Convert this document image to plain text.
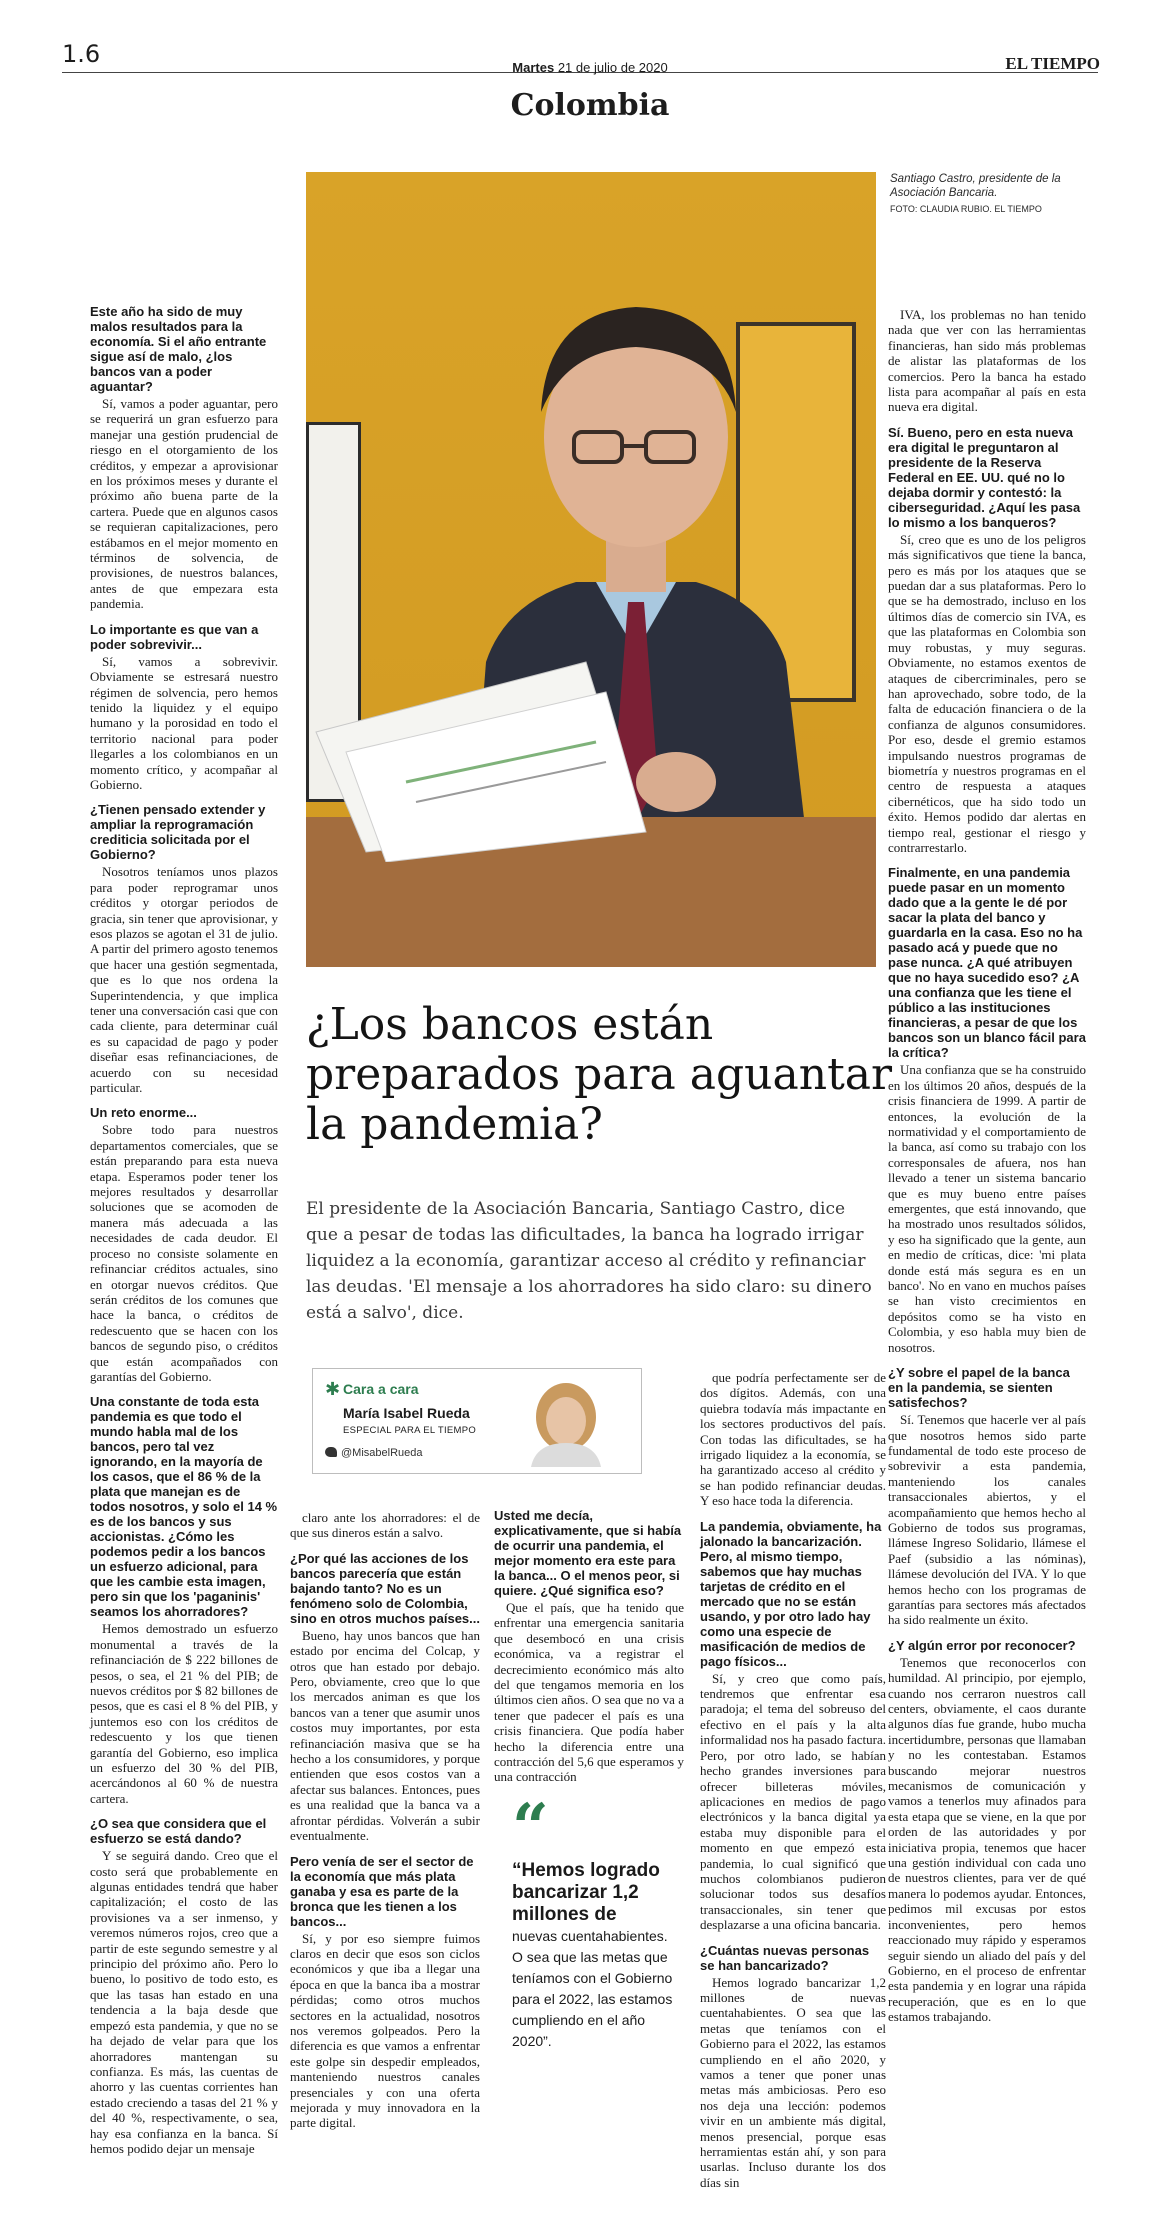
1.6	Martes 21 de julio de 2020	EL TIEMPO
Colombia
Santiago Castro, presidente de la Asociación Bancaria.
FOTO: CLAUDIA RUBIO. EL TIEMPO
¿Los bancos están preparados para aguantar la pandemia?
El presidente de la Asociación Bancaria, Santiago Castro, dice que a pesar de todas las dificultades, la banca ha logrado irrigar liquidez a la economía, garantizar acceso al crédito y refinanciar las deudas. 'El mensaje a los ahorradores ha sido claro: su dinero está a salvo', dice.
✱ Cara a cara
María Isabel Rueda
ESPECIAL PARA EL TIEMPO
@MisabelRueda
Este año ha sido de muy malos resultados para la economía. Si el año entrante sigue así de malo, ¿los bancos van a poder aguantar?
Sí, vamos a poder aguantar, pero se requerirá un gran esfuerzo para manejar una gestión prudencial de riesgo en el otorgamiento de los créditos, y empezar a aprovisionar en los próximos meses y durante el próximo año buena parte de la cartera. Puede que en algunos casos se requieran capitalizaciones, pero estábamos en el mejor momento en términos de solvencia, de provisiones, de nuestros balances, antes de que empezara esta pandemia.
Lo importante es que van a poder sobrevivir...
Sí, vamos a sobrevivir. Obviamente se estresará nuestro régimen de solvencia, pero hemos tenido la liquidez y el equipo humano y la porosidad en todo el territorio nacional para poder llegarles a los colombianos en un momento crítico, y acompañar al Gobierno.
¿Tienen pensado extender y ampliar la reprogramación crediticia solicitada por el Gobierno?
Nosotros teníamos unos plazos para poder reprogramar unos créditos y otorgar periodos de gracia, sin tener que aprovisionar, y esos plazos se agotan el 31 de julio. A partir del primero agosto tenemos que hacer una gestión segmentada, que es lo que nos ordena la Superintendencia, y que implica tener una conversación casi que con cada cliente, para determinar cuál es su capacidad de pago y poder diseñar esas refinanciaciones, de acuerdo con su necesidad particular.
Un reto enorme...
Sobre todo para nuestros departamentos comerciales, que se están preparando para esta nueva etapa. Esperamos poder tener los mejores resultados y desarrollar soluciones que se acomoden de manera más adecuada a las necesidades de cada deudor. El proceso no consiste solamente en refinanciar créditos actuales, sino en otorgar nuevos créditos. Que serán créditos de los comunes que hace la banca, o créditos de redescuento que se hacen con los bancos de segundo piso, o créditos que están acompañados con garantías del Gobierno.
Una constante de toda esta pandemia es que todo el mundo habla mal de los bancos, pero tal vez ignorando, en la mayoría de los casos, que el 86 % de la plata que manejan es de todos nosotros, y solo el 14 % es de los bancos y sus accionistas. ¿Cómo les podemos pedir a los bancos un esfuerzo adicional, para que les cambie esta imagen, pero sin que los 'paganinis' seamos los ahorradores?
Hemos demostrado un esfuerzo monumental a través de la refinanciación de $ 222 billones de pesos, o sea, el 21 % del PIB; de nuevos créditos por $ 82 billones de pesos, que es casi el 8 % del PIB, y juntemos eso con los créditos de redescuento y los que tienen garantía del Gobierno, eso implica un esfuerzo del 30 % del PIB, acercándonos al 60 % de nuestra cartera.
¿O sea que considera que el esfuerzo se está dando?
Y se seguirá dando. Creo que el costo será que probablemente en algunas entidades tendrá que haber capitalización; el costo de las provisiones va a ser inmenso, y veremos números rojos, creo que a partir de este segundo semestre y al principio del próximo año. Pero lo bueno, lo positivo de todo esto, es que las tasas han estado en una tendencia a la baja desde que empezó esta pandemia, y que no se ha dejado de velar para que los ahorradores mantengan su confianza. Es más, las cuentas de ahorro y las cuentas corrientes han estado creciendo a tasas del 21 % y del 40 %, respectivamente, o sea, hay esa confianza en la banca. Sí hemos podido dejar un mensaje
IVA, los problemas no han tenido nada que ver con las herramientas financieras, han sido más problemas de alistar las plataformas de los comercios. Pero la banca ha estado lista para acompañar al país en esta nueva era digital.
Sí. Bueno, pero en esta nueva era digital le preguntaron al presidente de la Reserva Federal en EE. UU. qué no lo dejaba dormir y contestó: la ciberseguridad. ¿Aquí les pasa lo mismo a los banqueros?
Sí, creo que es uno de los peligros más significativos que tiene la banca, pero es más por los ataques que se puedan dar a sus plataformas. Pero lo que se ha demostrado, incluso en los últimos días de comercio sin IVA, es que las plataformas en Colombia son muy robustas, y muy seguras. Obviamente, no estamos exentos de ataques de cibercriminales, pero se han aprovechado, sobre todo, de la falta de educación financiera o de la confianza de algunos consumidores. Por eso, desde el gremio estamos impulsando nuestros programas de biometría y nuestros programas en el centro de respuesta a ataques cibernéticos, que ha sido todo un éxito. Hemos podido dar alertas en tiempo real, gestionar el riesgo y contrarrestarlo.
Finalmente, en una pandemia puede pasar en un momento dado que a la gente le dé por sacar la plata del banco y guardarla en la casa. Eso no ha pasado acá y puede que no pase nunca. ¿A qué atribuyen que no haya sucedido eso? ¿A una confianza que les tiene el público a las instituciones financieras, a pesar de que los bancos son un blanco fácil para la crítica?
Una confianza que se ha construido en los últimos 20 años, después de la crisis financiera de 1999. A partir de entonces, la evolución de la normatividad y el comportamiento de la banca, así como su trabajo con los corresponsales de afuera, nos han llevado a tener un sistema bancario que es muy bueno entre países emergentes, que está innovando, que ha mostrado unos resultados sólidos, y eso ha significado que la gente, aun en medio de críticas, dice: 'mi plata donde está más segura es en un banco'. No en vano en muchos países se han visto crecimientos en depósitos como se ha visto en Colombia, y eso habla muy bien de nosotros.
¿Y sobre el papel de la banca en la pandemia, se sienten satisfechos?
Sí. Tenemos que hacerle ver al país que nosotros hemos sido parte fundamental de todo este proceso de sobrevivir a esta pandemia, manteniendo los canales transaccionales abiertos, y el acompañamiento que hemos hecho al Gobierno de todos sus programas, llámese Ingreso Solidario, llámese el Paef (subsidio a las nóminas), llámese devolución del IVA. Y lo que hemos hecho con los programas de garantías para sectores más afectados ha sido realmente un éxito.
¿Y algún error por reconocer?
Tenemos que reconocerlos con humildad. Al principio, por ejemplo, cuando nos cerraron nuestros call centers, obviamente, el caos durante algunos días fue grande, hubo mucha incertidumbre, personas que llamaban y no les contestaban. Estamos buscando mejorar nuestros mecanismos de comunicación y vamos a tenerlos muy afinados para esta etapa que se viene, en la que por orden de las autoridades y por iniciativa propia, tenemos que hacer una gestión individual con cada uno de nuestros clientes, para ver de qué manera lo podemos ayudar. Entonces, pedimos mil excusas por estos inconvenientes, pero hemos reaccionado muy rápido y esperamos seguir siendo un aliado del país y del Gobierno, en el proceso de enfrentar esta pandemia y en lograr una rápida recuperación, que es en lo que estamos trabajando.
claro ante los ahorradores: el de que sus dineros están a salvo.
¿Por qué las acciones de los bancos parecería que están bajando tanto? No es un fenómeno solo de Colombia, sino en otros muchos países...
Bueno, hay unos bancos que han estado por encima del Colcap, y otros que han estado por debajo. Pero, obviamente, creo que lo que los mercados animan es que los bancos van a tener que asumir unos costos muy importantes, por esta refinanciación masiva que se ha hecho a los consumidores, y porque entienden que esos costos van a afectar sus balances. Entonces, pues es una realidad que la banca va a afrontar pérdidas. Volverán a subir eventualmente.
Pero venía de ser el sector de la economía que más plata ganaba y esa es parte de la bronca que les tienen a los bancos...
Sí, y por eso siempre fuimos claros en decir que esos son ciclos económicos y que iba a llegar una época en que la banca iba a mostrar pérdidas; como otros muchos sectores en la actualidad, nosotros nos veremos golpeados. Pero la diferencia es que vamos a enfrentar este golpe sin despedir empleados, manteniendo nuestros canales presenciales y con una oferta mejorada y muy innovadora en la parte digital.
Usted me decía, explicativamente, que si había de ocurrir una pandemia, el mejor momento era este para la banca... O el menos peor, si quiere. ¿Qué significa eso?
Que el país, que ha tenido que enfrentar una emergencia sanitaria que desembocó en una crisis económica, va a registrar el decrecimiento económico más alto del que tengamos memoria en los últimos cien años. O sea que no va a tener que padecer el país es una crisis financiera. Que podía haber hecho la diferencia entre una contracción del 5,6 que esperamos y una contracción
que podría perfectamente ser de dos dígitos. Además, con una quiebra todavía más impactante en los sectores productivos del país. Con todas las dificultades, se ha irrigado liquidez a la economía, se ha garantizado acceso al crédito y se han podido refinanciar deudas. Y eso hace toda la diferencia.
La pandemia, obviamente, ha jalonado la bancarización. Pero, al mismo tiempo, sabemos que hay muchas tarjetas de crédito en el mercado que no se están usando, y por otro lado hay como una especie de masificación de medios de pago físicos...
Sí, y creo que como país, tendremos que enfrentar esa paradoja; el tema del sobreuso del efectivo en el país y la alta informalidad nos ha pasado factura. Pero, por otro lado, se habían hecho grandes inversiones para ofrecer billeteras móviles, aplicaciones en medios de pago electrónicos y la banca digital ya estaba muy disponible para el momento en que empezó esta pandemia, lo cual significó que muchos colombianos pudieron solucionar todos sus desafíos transaccionales, sin tener que desplazarse a una oficina bancaria.
¿Cuántas nuevas personas se han bancarizado?
Hemos logrado bancarizar 1,2 millones de nuevas cuentahabientes. O sea que las metas que teníamos con el Gobierno para el 2022, las estamos cumpliendo en el año 2020, y vamos a tener que poner unas metas más ambiciosas. Pero eso nos deja una lección: podemos vivir en un ambiente más digital, menos presencial, porque esas herramientas están ahí, y son para usarlas. Incluso durante los dos días sin
“
“Hemos logrado bancarizar 1,2 millones de
nuevas cuentahabientes. O sea que las metas que teníamos con el Gobierno para el 2022, las estamos cumpliendo en el año 2020”.
